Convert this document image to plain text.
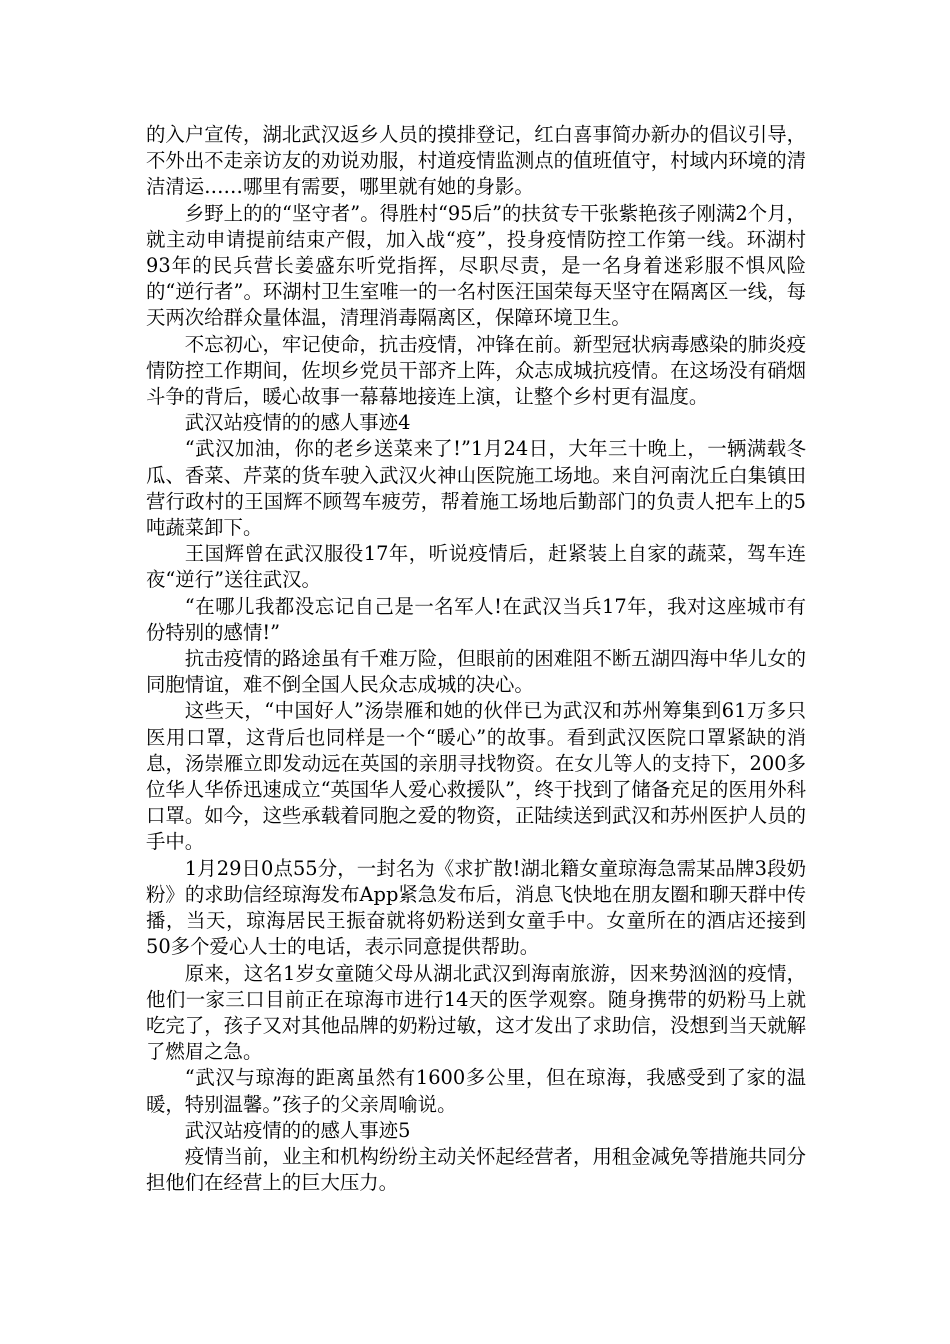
的入户宣传，湖北武汉返乡人员的摸排登记，红白喜事简办新办的倡议引导，不外出不走亲访友的劝说劝服，村道疫情监测点的值班值守，村域内环境的清洁清运……哪里有需要，哪里就有她的身影。

乡野上的的“坚守者”。得胜村“95后”的扶贫专干张紫艳孩子刚满2个月，就主动申请提前结束产假，加入战“疫”，投身疫情防控工作第一线。环湖村93年的民兵营长姜盛东听党指挥，尽职尽责，是一名身着迷彩服不惧风险的“逆行者”。环湖村卫生室唯一的一名村医汪国荣每天坚守在隔离区一线，每天两次给群众量体温，清理消毒隔离区，保障环境卫生。

不忘初心，牢记使命，抗击疫情，冲锋在前。新型冠状病毒感染的肺炎疫情防控工作期间，佐坝乡党员干部齐上阵，众志成城抗疫情。在这场没有硝烟斗争的背后，暖心故事一幕幕地接连上演，让整个乡村更有温度。

武汉站疫情的的感人事迹4

“武汉加油，你的老乡送菜来了!”1月24日，大年三十晚上，一辆满载冬瓜、香菜、芹菜的货车驶入武汉火神山医院施工场地。来自河南沈丘白集镇田营行政村的王国辉不顾驾车疲劳，帮着施工场地后勤部门的负责人把车上的5吨蔬菜卸下。

王国辉曾在武汉服役17年，听说疫情后，赶紧装上自家的蔬菜，驾车连夜“逆行”送往武汉。

“在哪儿我都没忘记自己是一名军人!在武汉当兵17年，我对这座城市有份特别的感情!”

抗击疫情的路途虽有千难万险，但眼前的困难阻不断五湖四海中华儿女的同胞情谊，难不倒全国人民众志成城的决心。

这些天，“中国好人”汤崇雁和她的伙伴已为武汉和苏州筹集到61万多只医用口罩，这背后也同样是一个“暖心”的故事。看到武汉医院口罩紧缺的消息，汤崇雁立即发动远在英国的亲朋寻找物资。在女儿等人的支持下，200多位华人华侨迅速成立“英国华人爱心救援队”，终于找到了储备充足的医用外科口罩。如今，这些承载着同胞之爱的物资，正陆续送到武汉和苏州医护人员的手中。

1月29日0点55分，一封名为《求扩散!湖北籍女童琼海急需某品牌3段奶粉》的求助信经琼海发布App紧急发布后，消息飞快地在朋友圈和聊天群中传播，当天，琼海居民王振奋就将奶粉送到女童手中。女童所在的酒店还接到50多个爱心人士的电话，表示同意提供帮助。

原来，这名1岁女童随父母从湖北武汉到海南旅游，因来势汹汹的疫情，他们一家三口目前正在琼海市进行14天的医学观察。随身携带的奶粉马上就吃完了，孩子又对其他品牌的奶粉过敏，这才发出了求助信，没想到当天就解了燃眉之急。

“武汉与琼海的距离虽然有1600多公里，但在琼海，我感受到了家的温暖，特别温馨。”孩子的父亲周喻说。

武汉站疫情的的感人事迹5

疫情当前，业主和机构纷纷主动关怀起经营者，用租金减免等措施共同分担他们在经营上的巨大压力。
